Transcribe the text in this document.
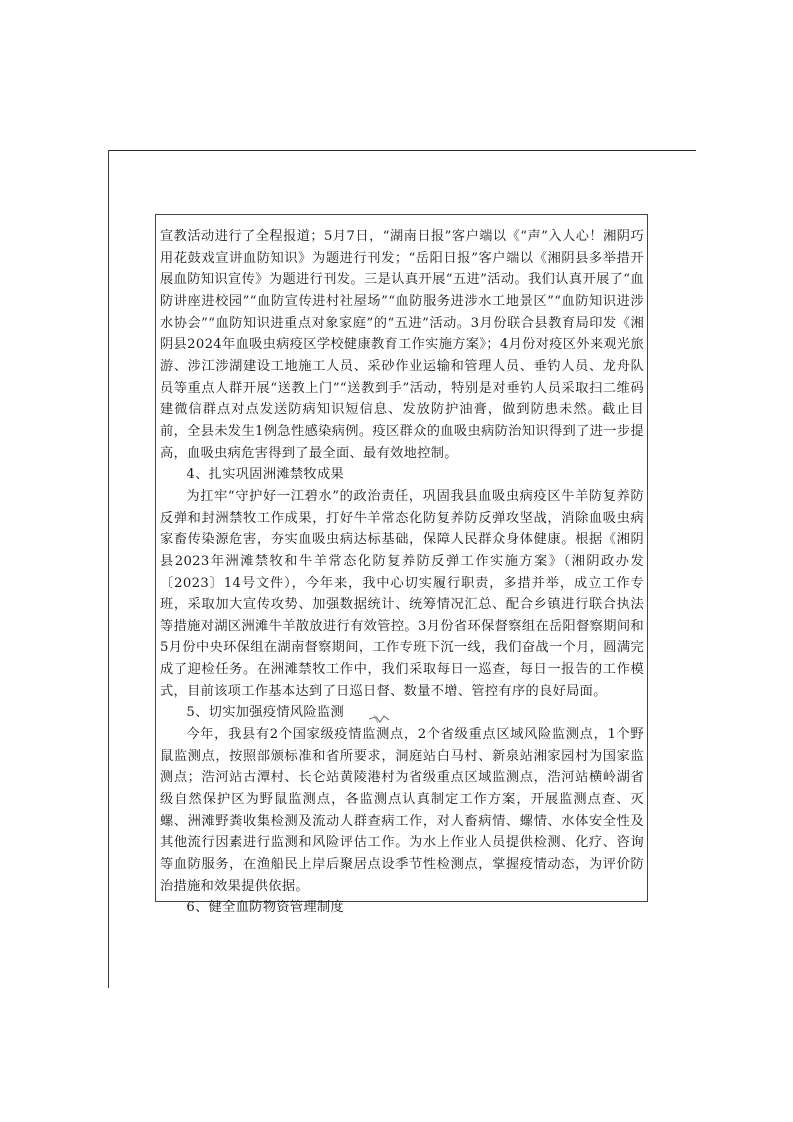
宣教活动进行了全程报道；5月7日，“湖南日报”客户端以《“声”入人心！湘阴巧用花鼓戏宣讲血防知识》为题进行刊发；“岳阳日报”客户端以《湘阴县多举措开展血防知识宣传》为题进行刊发。三是认真开展“五进”活动。我们认真开展了“血防讲座进校园”“血防宣传进村社屋场”“血防服务进涉水工地景区”“血防知识进涉水协会”“血防知识进重点对象家庭”的“五进”活动。3月份联合县教育局印发《湘阴县2024年血吸虫病疫区学校健康教育工作实施方案》；4月份对疫区外来观光旅游、涉江涉湖建设工地施工人员、采砂作业运输和管理人员、垂钓人员、龙舟队员等重点人群开展“送教上门”“送教到手”活动，特别是对垂钓人员采取扫二维码建微信群点对点发送防病知识短信息、发放防护油膏，做到防患未然。截止目前，全县未发生1例急性感染病例。疫区群众的血吸虫病防治知识得到了进一步提高，血吸虫病危害得到了最全面、最有效地控制。

4、扎实巩固洲滩禁牧成果

为扛牢“守护好一江碧水”的政治责任，巩固我县血吸虫病疫区牛羊防复养防反弹和封洲禁牧工作成果，打好牛羊常态化防复养防反弹攻坚战，消除血吸虫病家畜传染源危害，夯实血吸虫病达标基础，保障人民群众身体健康。根据《湘阴县2023年洲滩禁牧和牛羊常态化防复养防反弹工作实施方案》（湘阴政办发〔2023〕14号文件），今年来，我中心切实履行职责，多措并举，成立工作专班，采取加大宣传攻势、加强数据统计、统筹情况汇总、配合乡镇进行联合执法等措施对湖区洲滩牛羊散放进行有效管控。3月份省环保督察组在岳阳督察期间和5月份中央环保组在湖南督察期间，工作专班下沉一线，我们奋战一个月，圆满完成了迎检任务。在洲滩禁牧工作中，我们采取每日一巡查，每日一报告的工作模式，目前该项工作基本达到了日巡日督、数量不增、管控有序的良好局面。

5、切实加强疫情风险监测

今年，我县有2个国家级疫情监测点，2个省级重点区域风险监测点，1个野鼠监测点，按照部颁标准和省所要求，洞庭站白马村、新泉站湘家园村为国家监测点；浩河站古潭村、长仑站黄陵港村为省级重点区域监测点，浩河站横岭湖省级自然保护区为野鼠监测点，各监测点认真制定工作方案，开展监测点查、灭螺、洲滩野粪收集检测及流动人群查病工作，对人畜病情、螺情、水体安全性及其他流行因素进行监测和风险评估工作。为水上作业人员提供检测、化疗、咨询等血防服务，在渔船民上岸后聚居点设季节性检测点，掌握疫情动态，为评价防治措施和效果提供依据。

6、健全血防物资管理制度
